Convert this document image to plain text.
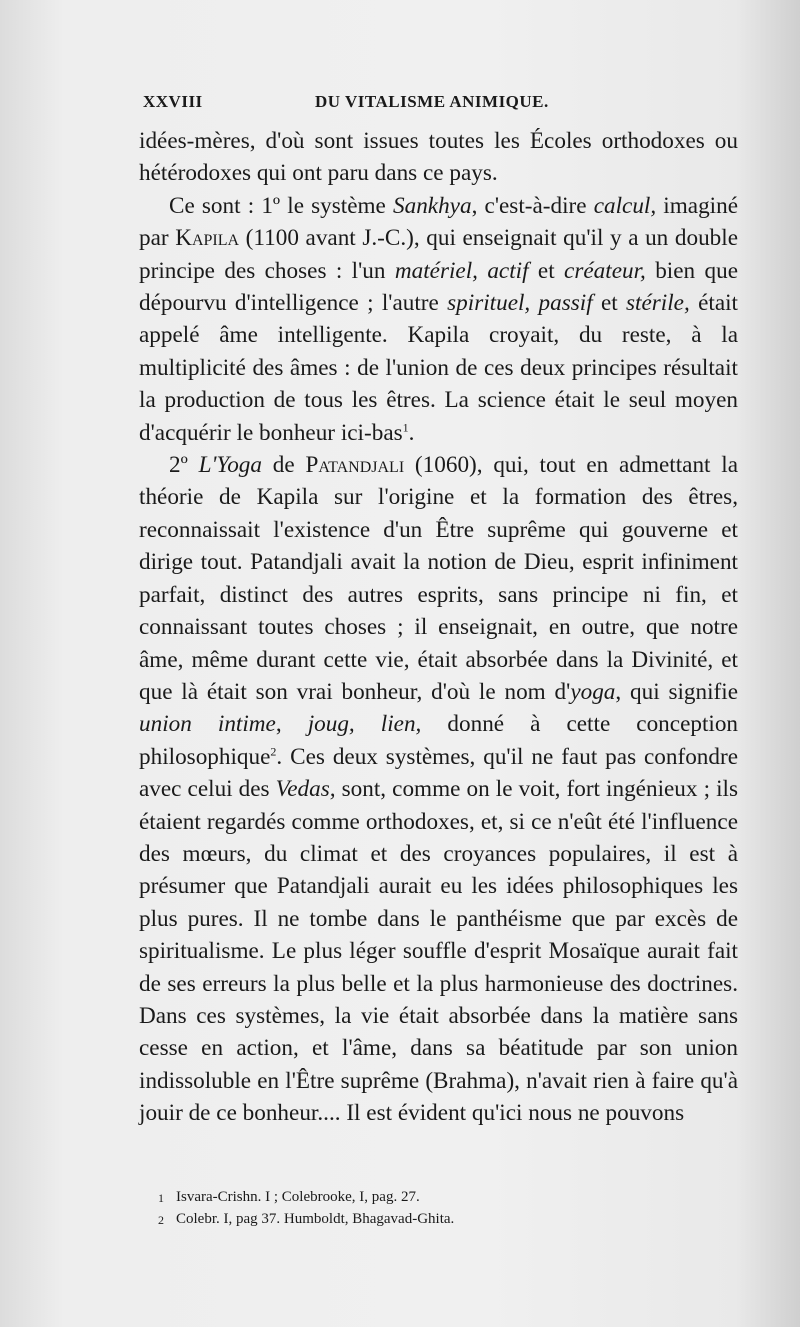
XXVIII	DU VITALISME ANIMIQUE.

idées-mères, d'où sont issues toutes les Écoles orthodoxes ou hétérodoxes qui ont paru dans ce pays.

Ce sont : 1º le système Sankhya, c'est-à-dire calcul, imaginé par Kapila (1100 avant J.-C.), qui enseignait qu'il y a un double principe des choses : l'un matériel, actif et créateur, bien que dépourvu d'intelligence ; l'autre spirituel, passif et stérile, était appelé âme intelligente. Kapila croyait, du reste, à la multiplicité des âmes : de l'union de ces deux principes résultait la production de tous les êtres. La science était le seul moyen d'acquérir le bonheur ici-bas$^1$.

2º L'Yoga de Patandjali (1060), qui, tout en admettant la théorie de Kapila sur l'origine et la formation des êtres, reconnaissait l'existence d'un Être suprême qui gouverne et dirige tout. Patandjali avait la notion de Dieu, esprit infiniment parfait, distinct des autres esprits, sans principe ni fin, et connaissant toutes choses ; il enseignait, en outre, que notre âme, même durant cette vie, était absorbée dans la Divinité, et que là était son vrai bonheur, d'où le nom d'yoga, qui signifie union intime, joug, lien, donné à cette conception philosophique$^2$. Ces deux systèmes, qu'il ne faut pas confondre avec celui des Vedas, sont, comme on le voit, fort ingénieux ; ils étaient regardés comme orthodoxes, et, si ce n'eût été l'influence des mœurs, du climat et des croyances populaires, il est à présumer que Patandjali aurait eu les idées philosophiques les plus pures. Il ne tombe dans le panthéisme que par excès de spiritualisme. Le plus léger souffle d'esprit Mosaïque aurait fait de ses erreurs la plus belle et la plus harmonieuse des doctrines. Dans ces systèmes, la vie était absorbée dans la matière sans cesse en action, et l'âme, dans sa béatitude par son union indissoluble en l'Être suprême (Brahma), n'avait rien à faire qu'à jouir de ce bonheur.... Il est évident qu'ici nous ne pouvons

1 Isvara-Crishn. I ; Colebrooke, I, pag. 27.
2 Colebr. I, pag 37. Humboldt, Bhagavad-Ghita.
